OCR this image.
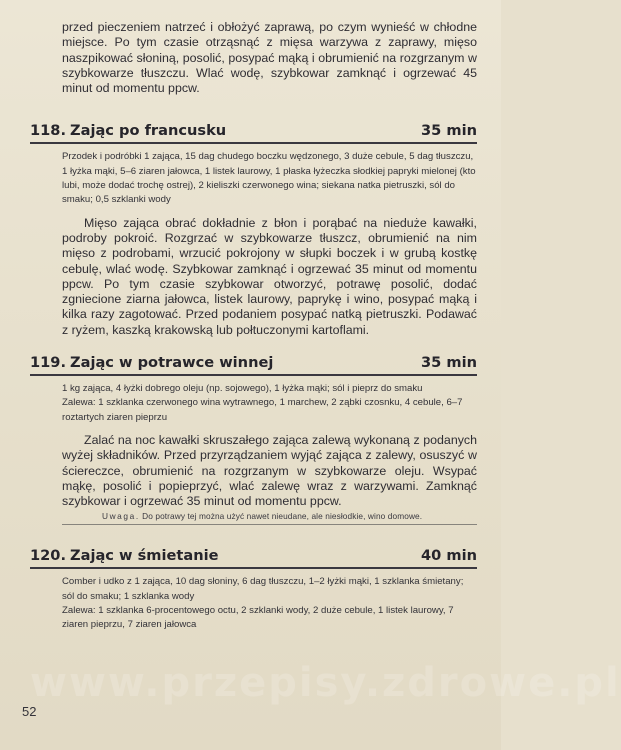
przed pieczeniem natrzeć i obłożyć zaprawą, po czym wynieść w chłodne miejsce. Po tym czasie otrząsnąć z mięsa warzywa z zaprawy, mięso naszpikować słoniną, posolić, posypać mąką i obrumienić na rozgrzanym w szybkowarze tłuszczu. Wlać wodę, szybkowar zamknąć i ogrzewać 45 minut od momentu ppcw.

118. Zając po francusku	35 min

Przodek i podróbki 1 zająca, 15 dag chudego boczku wędzonego, 3 duże cebule, 5 dag tłuszczu, 1 łyżka mąki, 5–6 ziaren jałowca, 1 listek laurowy, 1 płaska łyżeczka słodkiej papryki mielonej (kto lubi, może dodać trochę ostrej), 2 kieliszki czerwonego wina; siekana natka pietruszki, sól do smaku; 0,5 szklanki wody

Mięso zająca obrać dokładnie z błon i porąbać na nieduże kawałki, podroby pokroić. Rozgrzać w szybkowarze tłuszcz, obrumienić na nim mięso z podrobami, wrzucić pokrojony w słupki boczek i w grubą kostkę cebulę, wlać wodę. Szybkowar zamknąć i ogrzewać 35 minut od momentu ppcw. Po tym czasie szybkowar otworzyć, potrawę posolić, dodać zgniecione ziarna jałowca, listek laurowy, paprykę i wino, posypać mąką i kilka razy zagotować. Przed podaniem posypać natką pietruszki. Podawać z ryżem, kaszką krakowską lub połtuczonymi kartoflami.

119. Zając w potrawce winnej	35 min

1 kg zająca, 4 łyżki dobrego oleju (np. sojowego), 1 łyżka mąki; sól i pieprz do smaku

Zalewa: 1 szklanka czerwonego wina wytrawnego, 1 marchew, 2 ząbki czosnku, 4 cebule, 6–7 roztartych ziaren pieprzu

Zalać na noc kawałki skruszałego zająca zalewą wykonaną z podanych wyżej składników. Przed przyrządzaniem wyjąć zająca z zalewy, osuszyć w ściereczce, obrumienić na rozgrzanym w szybkowarze oleju. Wsypać mąkę, posolić i popieprzyć, wlać zalewę wraz z warzywami. Zamknąć szybkowar i ogrzewać 35 minut od momentu ppcw.

Uwaga. Do potrawy tej można użyć nawet nieudane, ale niesłodkie, wino domowe.
120. Zając w śmietanie	40 min

Comber i udko z 1 zająca, 10 dag słoniny, 6 dag tłuszczu, 1–2 łyżki mąki, 1 szklanka śmietany; sól do smaku; 1 szklanka wody

Zalewa: 1 szklanka 6-procentowego octu, 2 szklanki wody, 2 duże cebule, 1 listek laurowy, 7 ziaren pieprzu, 7 ziaren jałowca

www.przepisy.zdrowe.pl
52
